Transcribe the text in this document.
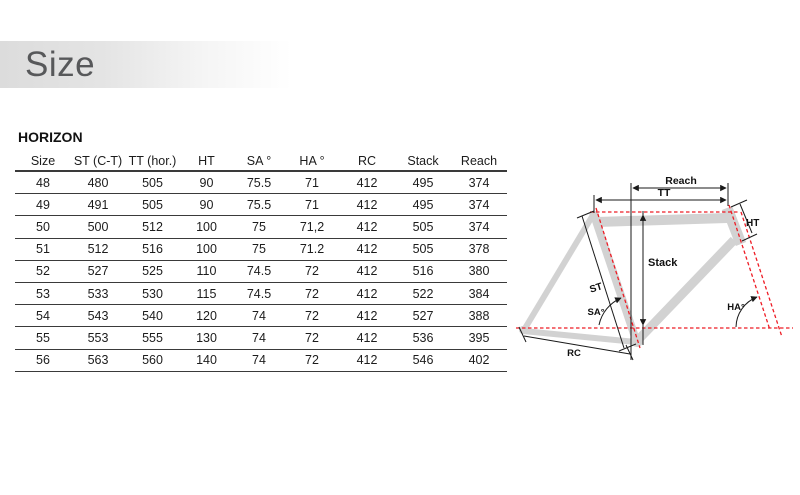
Size
HORIZON
Size	ST (C-T)	TT (hor.)	HT	SA °	HA °	RC	Stack	Reach
48	480	505	90	75.5	71	412	495	374
49	491	505	90	75.5	71	412	495	374
50	500	512	100	75	71,2	412	505	374
51	512	516	100	75	71.2	412	505	378
52	527	525	110	74.5	72	412	516	380
53	533	530	115	74.5	72	412	522	384
54	543	540	120	74	72	412	527	388
55	553	555	130	74	72	412	536	395
56	563	560	140	74	72	412	546	402
Reach
TT
HT
Stack
ST
SA°	HA°
RC
